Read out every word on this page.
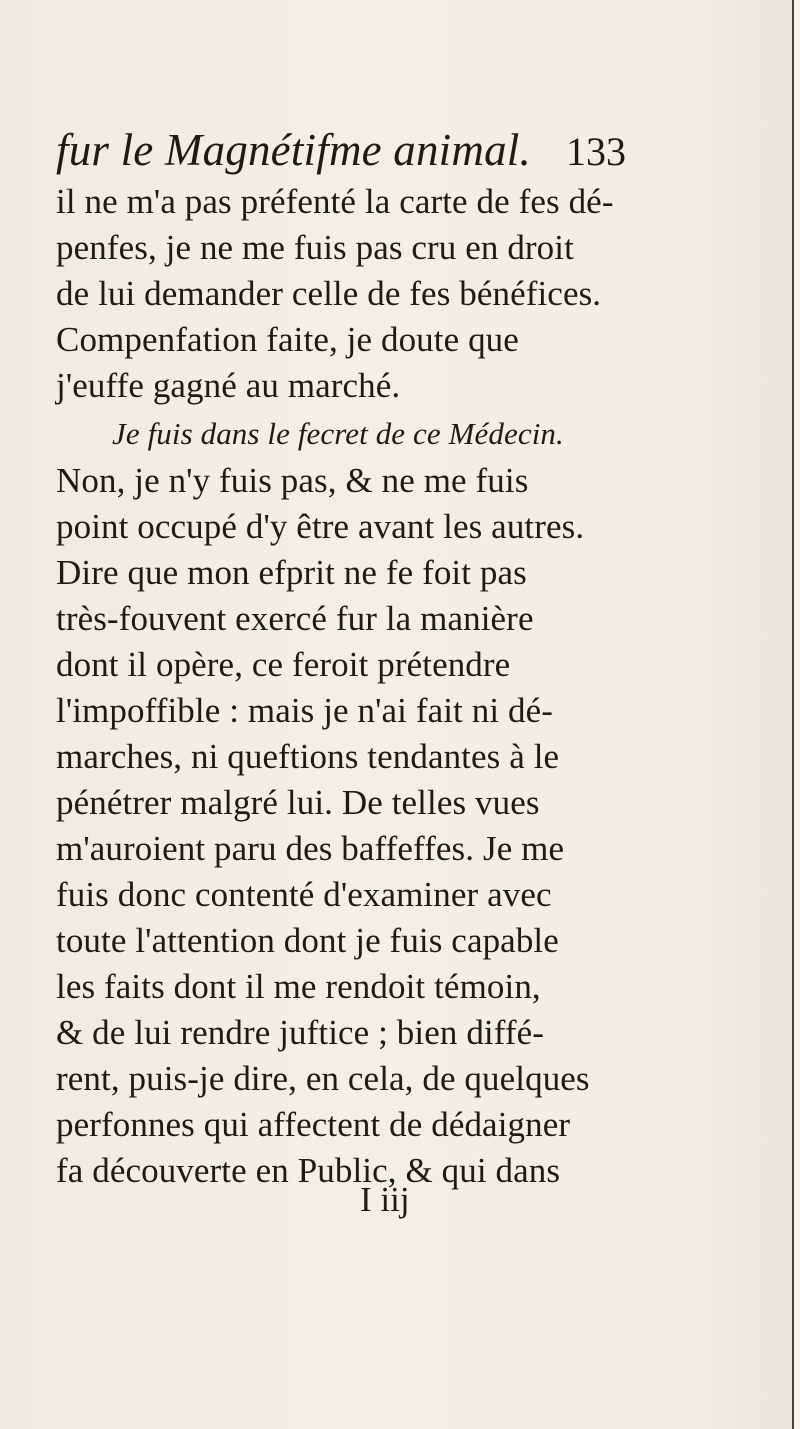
fur le Magnétifme animal. 133
il ne m'a pas préfenté la carte de fes dé-
penfes, je ne me fuis pas cru en droit
de lui demander celle de fes bénéfices.
Compenfation faite, je doute que
j'euffe gagné au marché.
Je fuis dans le fecret de ce Médecin.
Non, je n'y fuis pas, & ne me fuis
point occupé d'y être avant les autres.
Dire que mon efprit ne fe foit pas
très-fouvent exercé fur la manière
dont il opère, ce feroit prétendre
l'impoffible : mais je n'ai fait ni dé-
marches, ni queftions tendantes à le
pénétrer malgré lui. De telles vues
m'auroient paru des baffeffes. Je me
fuis donc contenté d'examiner avec
toute l'attention dont je fuis capable
les faits dont il me rendoit témoin,
& de lui rendre juftice ; bien diffé-
rent, puis-je dire, en cela, de quelques
perfonnes qui affectent de dédaigner
fa découverte en Public, & qui dans
I iij
